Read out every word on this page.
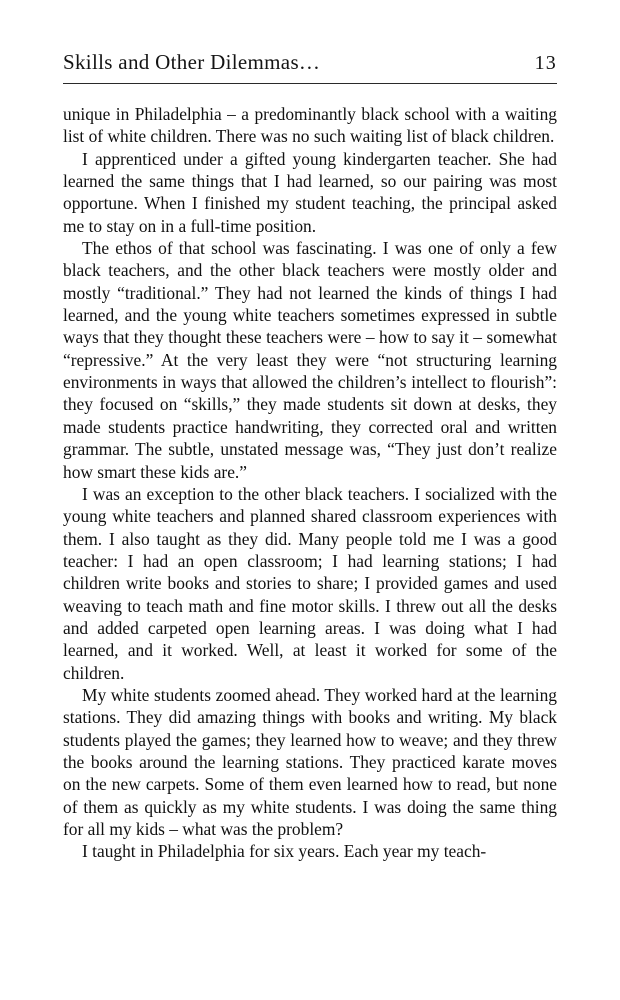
Skills and Other Dilemmas…	13

unique in Philadelphia – a predominantly black school with a waiting list of white children. There was no such waiting list of black children.

I apprenticed under a gifted young kindergarten teacher. She had learned the same things that I had learned, so our pairing was most opportune. When I finished my student teaching, the principal asked me to stay on in a full-time position.

The ethos of that school was fascinating. I was one of only a few black teachers, and the other black teachers were mostly older and mostly “traditional.” They had not learned the kinds of things I had learned, and the young white teachers sometimes expressed in subtle ways that they thought these teachers were – how to say it – somewhat “repressive.” At the very least they were “not structuring learning environments in ways that allowed the children’s intellect to flourish”: they focused on “skills,” they made students sit down at desks, they made students practice handwriting, they corrected oral and written grammar. The subtle, unstated message was, “They just don’t realize how smart these kids are.”

I was an exception to the other black teachers. I socialized with the young white teachers and planned shared classroom experiences with them. I also taught as they did. Many people told me I was a good teacher: I had an open classroom; I had learning stations; I had children write books and stories to share; I provided games and used weaving to teach math and fine motor skills. I threw out all the desks and added carpeted open learning areas. I was doing what I had learned, and it worked. Well, at least it worked for some of the children.

My white students zoomed ahead. They worked hard at the learning stations. They did amazing things with books and writing. My black students played the games; they learned how to weave; and they threw the books around the learning stations. They practiced karate moves on the new carpets. Some of them even learned how to read, but none of them as quickly as my white students. I was doing the same thing for all my kids – what was the problem?

I taught in Philadelphia for six years. Each year my teach-
